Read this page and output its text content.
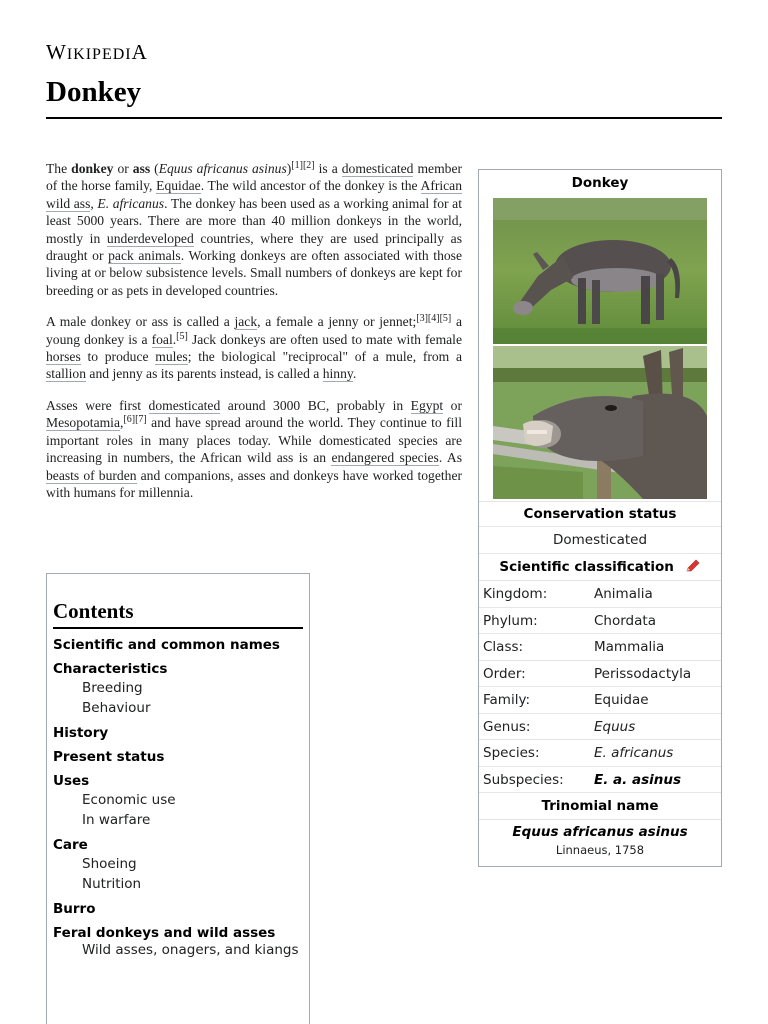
WIKIPEDIA
Donkey

The donkey or ass (Equus africanus asinus)[1][2] is a domesticated member of the horse family, Equidae. The wild ancestor of the donkey is the African wild ass, E. africanus. The donkey has been used as a working animal for at least 5000 years. There are more than 40 million donkeys in the world, mostly in underdeveloped countries, where they are used principally as draught or pack animals. Working donkeys are often associated with those living at or below subsistence levels. Small numbers of donkeys are kept for breeding or as pets in developed countries.

A male donkey or ass is called a jack, a female a jenny or jennet;[3][4][5] a young donkey is a foal.[5] Jack donkeys are often used to mate with female horses to produce mules; the biological "reciprocal" of a mule, from a stallion and jenny as its parents instead, is called a hinny.

Asses were first domesticated around 3000 BC, probably in Egypt or Mesopotamia,[6][7] and have spread around the world. They continue to fill important roles in many places today. While domesticated species are increasing in numbers, the African wild ass is an endangered species. As beasts of burden and companions, asses and donkeys have worked together with humans for millennia.

Contents
Scientific and common names
Characteristics
Breeding
Behaviour
History
Present status
Uses
Economic use
In warfare
Care
Shoeing
Nutrition
Burro
Feral donkeys and wild asses
Wild asses, onagers, and kiangs
Donkey
Conservation status
Domesticated
Scientific classification
Kingdom:	Animalia
Phylum:	Chordata
Class:	Mammalia
Order:	Perissodactyla
Family:	Equidae
Genus:	Equus
Species:	E. africanus
Subspecies: E. a. asinus
Trinomial name
Equus africanus asinus
Linnaeus, 1758
